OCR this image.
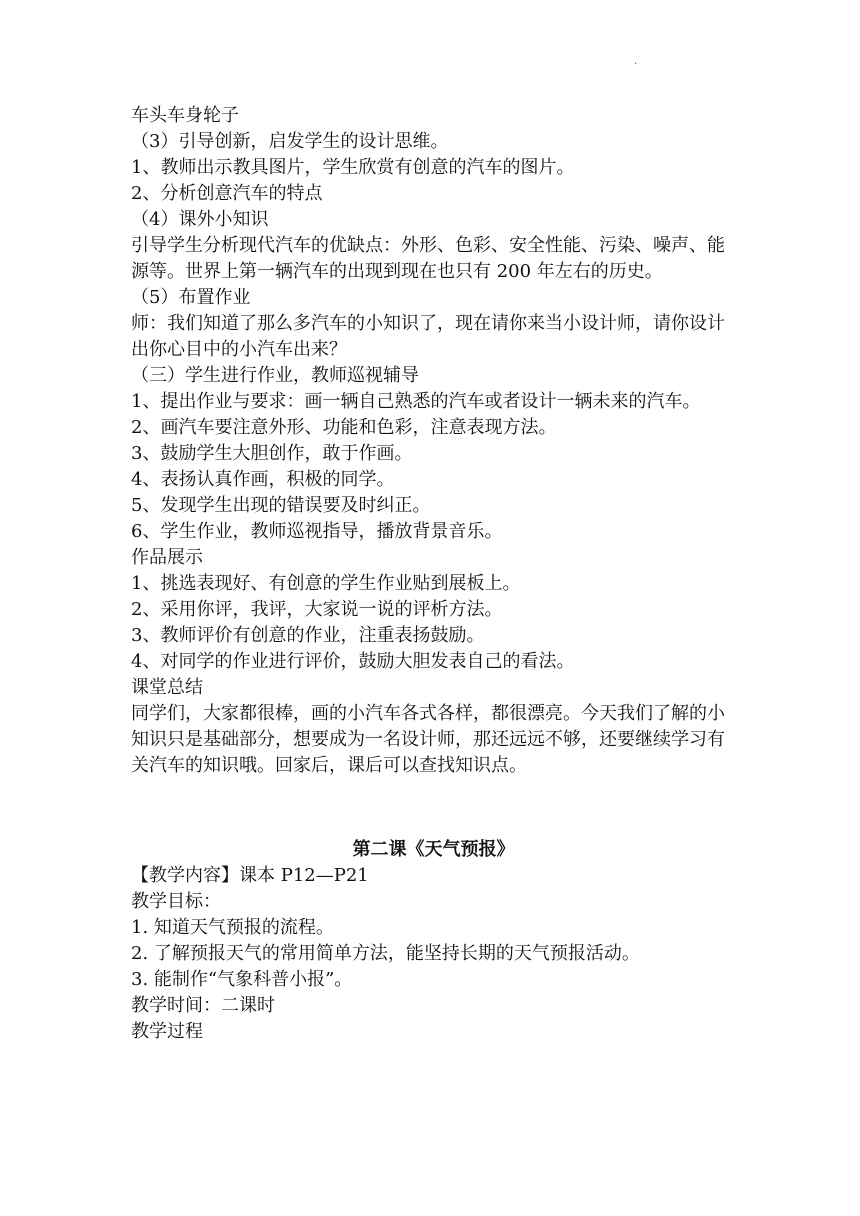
.
车头车身轮子
（3）引导创新，启发学生的设计思维。
1、教师出示教具图片，学生欣赏有创意的汽车的图片。
2、分析创意汽车的特点
（4）课外小知识
引导学生分析现代汽车的优缺点：外形、色彩、安全性能、污染、噪声、能源等。世界上第一辆汽车的出现到现在也只有 200 年左右的历史。
（5）布置作业
师：我们知道了那么多汽车的小知识了，现在请你来当小设计师，请你设计出你心目中的小汽车出来？
（三）学生进行作业，教师巡视辅导
1、提出作业与要求：画一辆自己熟悉的汽车或者设计一辆未来的汽车。
2、画汽车要注意外形、功能和色彩，注意表现方法。
3、鼓励学生大胆创作，敢于作画。
4、表扬认真作画，积极的同学。
5、发现学生出现的错误要及时纠正。
6、学生作业，教师巡视指导，播放背景音乐。
作品展示
1、挑选表现好、有创意的学生作业贴到展板上。
2、采用你评，我评，大家说一说的评析方法。
3、教师评价有创意的作业，注重表扬鼓励。
4、对同学的作业进行评价，鼓励大胆发表自己的看法。
课堂总结
同学们，大家都很棒，画的小汽车各式各样，都很漂亮。今天我们了解的小知识只是基础部分，想要成为一名设计师，那还远远不够，还要继续学习有关汽车的知识哦。回家后，课后可以查找知识点。
第二课《天气预报》
【教学内容】课本 P12—P21
教学目标：
1. 知道天气预报的流程。
2. 了解预报天气的常用简单方法，能坚持长期的天气预报活动。
3. 能制作“气象科普小报”。
教学时间：二课时
教学过程
